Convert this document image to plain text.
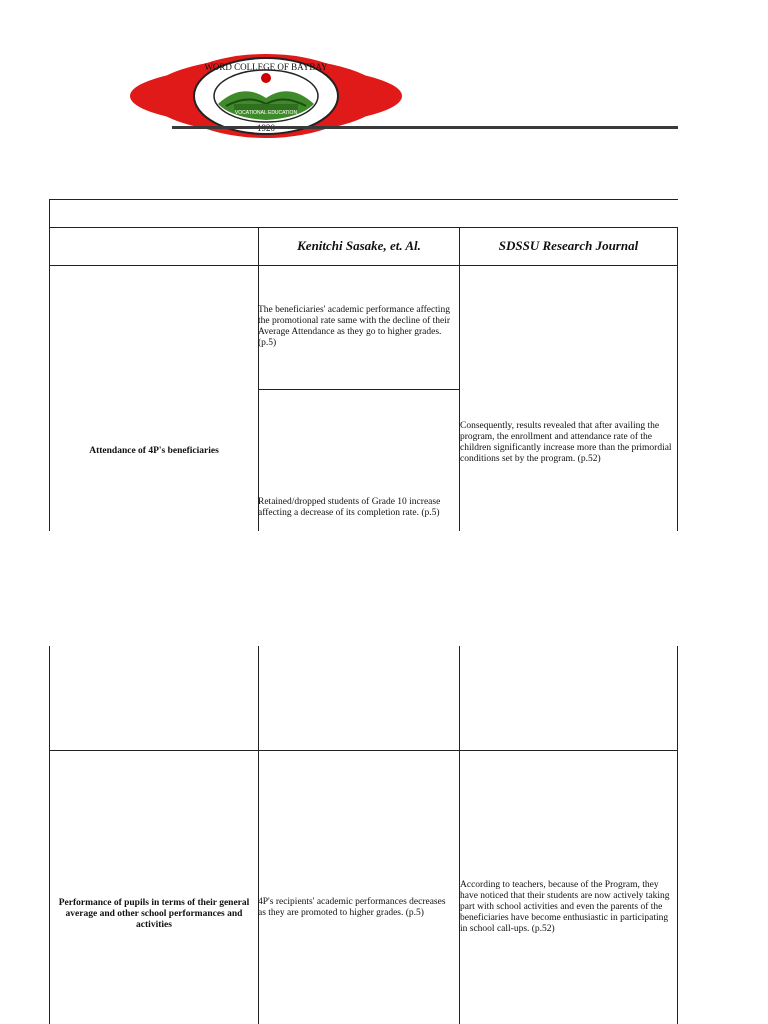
WORD COLLEGE OF BAYBAY
VOCATIONAL EDUCATION
Kenitchi Sasake, et. Al.	SDSSU Research Journal
Attendance of 4P's beneficiaries
The beneficiaries' academic performance affecting the promotional rate same with the decline of their Average Attendance as they go to higher grades. (p.5)
Retained/dropped students of Grade 10 increase affecting a decrease of its completion rate. (p.5)
Consequently, results revealed that after availing the program, the enrollment and attendance rate of the children significantly increase more than the primordial conditions set by the program. (p.52)
Performance of pupils in terms of their general average and other school performances and activities
4P's recipients' academic performances decreases as they are promoted to higher grades. (p.5)
According to teachers, because of the Program, they have noticed that their students are now actively taking part with school activities and even the parents of the beneficiaries have become enthusiastic in participating in school call-ups. (p.52)
